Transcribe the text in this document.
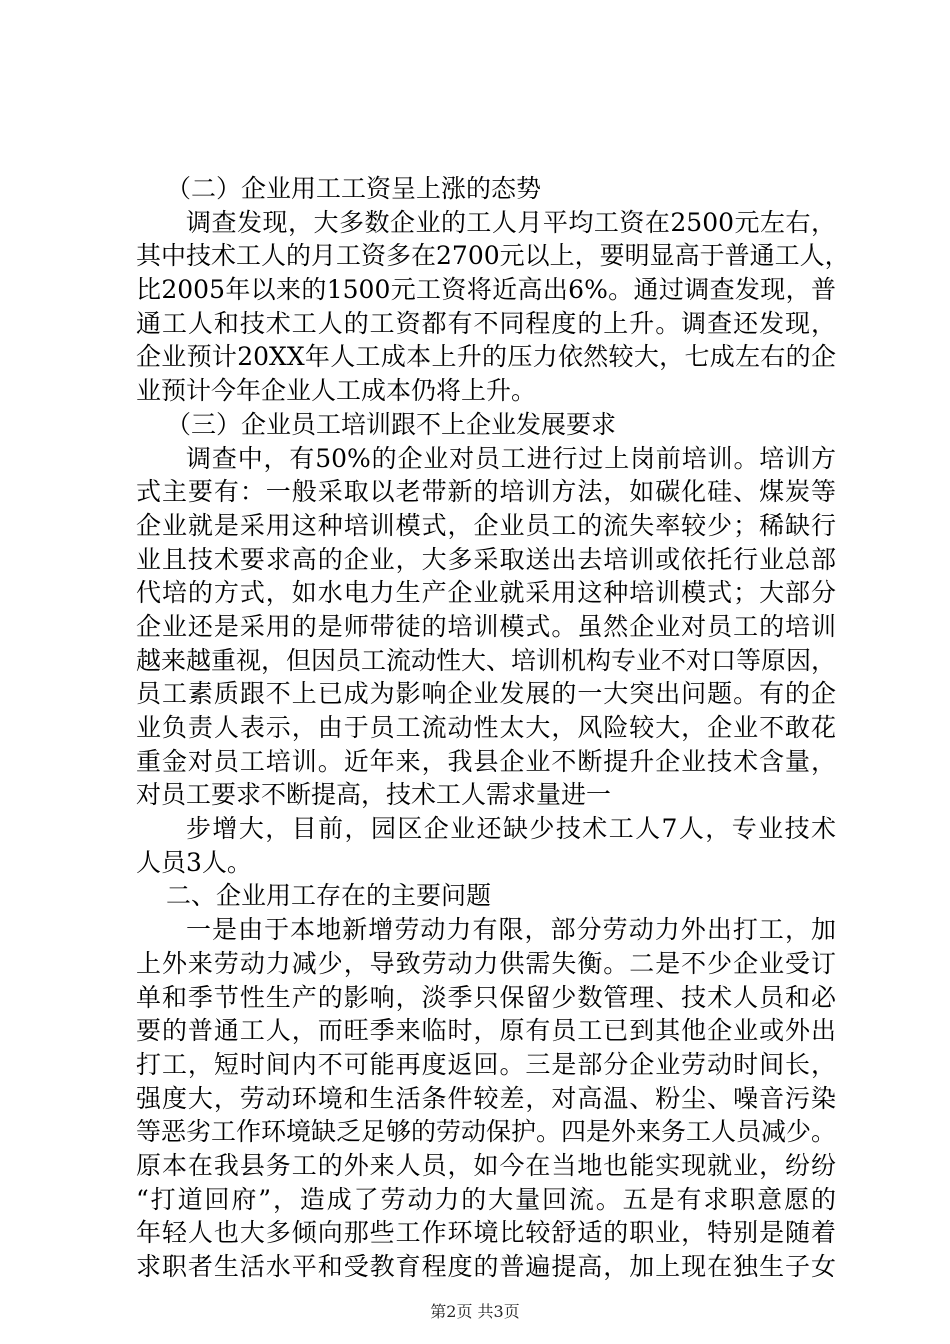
（二）企业用工工资呈上涨的态势
调查发现，大多数企业的工人月平均工资在2500元左右，
其中技术工人的月工资多在2700元以上，要明显高于普通工人，
比2005年以来的1500元工资将近高出6%。通过调查发现，普
通工人和技术工人的工资都有不同程度的上升。调查还发现，
企业预计20XX年人工成本上升的压力依然较大，七成左右的企
业预计今年企业人工成本仍将上升。
（三）企业员工培训跟不上企业发展要求
调查中，有50%的企业对员工进行过上岗前培训。培训方
式主要有：一般采取以老带新的培训方法，如碳化硅、煤炭等
企业就是采用这种培训模式，企业员工的流失率较少；稀缺行
业且技术要求高的企业，大多采取送出去培训或依托行业总部
代培的方式，如水电力生产企业就采用这种培训模式；大部分
企业还是采用的是师带徒的培训模式。虽然企业对员工的培训
越来越重视，但因员工流动性大、培训机构专业不对口等原因，
员工素质跟不上已成为影响企业发展的一大突出问题。有的企
业负责人表示，由于员工流动性太大，风险较大，企业不敢花
重金对员工培训。近年来，我县企业不断提升企业技术含量，
对员工要求不断提高，技术工人需求量进一
步增大，目前，园区企业还缺少技术工人7人，专业技术
人员3人。
二、企业用工存在的主要问题
一是由于本地新增劳动力有限，部分劳动力外出打工，加
上外来劳动力减少，导致劳动力供需失衡。二是不少企业受订
单和季节性生产的影响，淡季只保留少数管理、技术人员和必
要的普通工人，而旺季来临时，原有员工已到其他企业或外出
打工，短时间内不可能再度返回。三是部分企业劳动时间长，
强度大，劳动环境和生活条件较差，对高温、粉尘、噪音污染
等恶劣工作环境缺乏足够的劳动保护。四是外来务工人员减少。
原本在我县务工的外来人员，如今在当地也能实现就业，纷纷
“打道回府”，造成了劳动力的大量回流。五是有求职意愿的
年轻人也大多倾向那些工作环境比较舒适的职业，特别是随着
求职者生活水平和受教育程度的普遍提高，加上现在独生子女
第2页 共3页
